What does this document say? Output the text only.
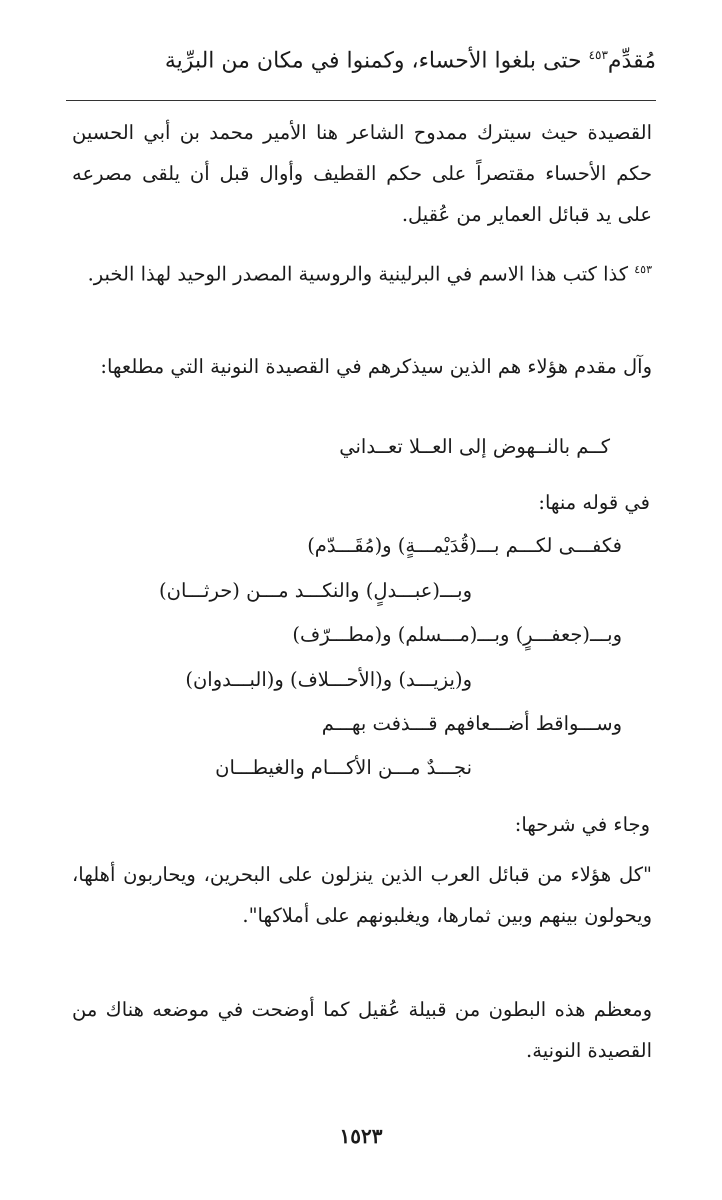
مُقدِّم$^{٤٥٣}$ حتى بلغوا الأحساء، وكمنوا في مكان من البرِّية
القصيدة حيث سيترك ممدوح الشاعر هنا الأمير محمد بن أبي الحسين حكم الأحساء مقتصراً على حكم القطيف وأوال قبل أن يلقى مصرعه على يد قبائل العماير من عُقيل.
$^{٤٥٣}$ كذا كتب هذا الاسم في البرلينية والروسية المصدر الوحيد لهذا الخبر.
وآل مقدم هؤلاء هم الذين سيذكرهم في القصيدة النونية التي مطلعها:
كــم بالنــهوض إلى العــلا تعــداني
في قوله منها:
فكفـــى لكـــم بـــ(قُدَيْمـــةٍ) و(مُقَـــدّم)
وبـــ(عبـــدلٍ) والنكـــد مـــن (حرثـــان)
وبـــ(جعفـــرٍ) وبـــ(مـــسلم) و(مطـــرّف)
و(يزيـــد) و(الأحـــلاف) و(البـــدوان)
وســـواقط أضـــعافهم قـــذفت بهـــم
نجـــدٌ مـــن الأكـــام والغيطـــان
وجاء في شرحها:
"كل هؤلاء من قبائل العرب الذين ينزلون على البحرين، ويحاربون أهلها، ويحولون بينهم وبين ثمارها، ويغلبونهم على أملاكها".
ومعظم هذه البطون من قبيلة عُقيل كما أوضحت في موضعه هناك من القصيدة النونية.
١٥٢٣
